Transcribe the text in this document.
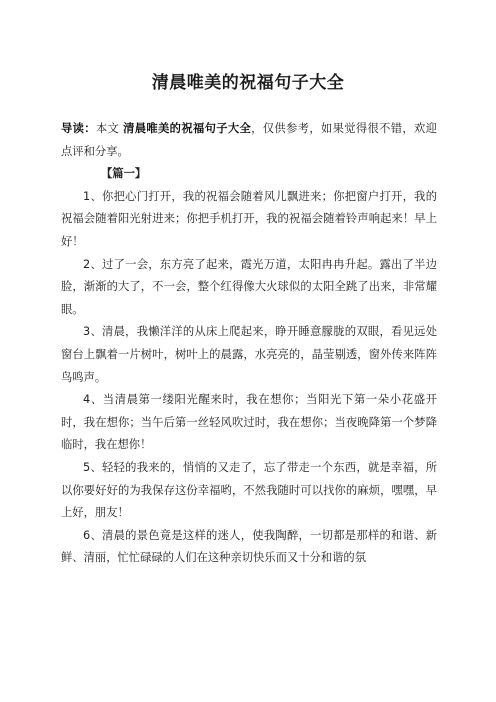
清晨唯美的祝福句子大全

导读：本文 清晨唯美的祝福句子大全，仅供参考，如果觉得很不错，欢迎点评和分享。

【篇一】

1、你把心门打开，我的祝福会随着风儿飘进来；你把窗户打开，我的祝福会随着阳光射进来；你把手机打开，我的祝福会随着铃声响起来！早上好！

2、过了一会，东方亮了起来，霞光万道，太阳冉冉升起。露出了半边脸，渐渐的大了，不一会，整个红得像大火球似的太阳全跳了出来，非常耀眼。

3、清晨，我懒洋洋的从床上爬起来，睁开睡意朦胧的双眼，看见远处窗台上飘着一片树叶，树叶上的晨露，水亮亮的，晶莹剔透，窗外传来阵阵鸟鸣声。

4、当清晨第一缕阳光醒来时，我在想你；当阳光下第一朵小花盛开时，我在想你；当午后第一丝轻风吹过时，我在想你；当夜晚降第一个梦降临时，我在想你！

5、轻轻的我来的，悄悄的又走了，忘了带走一个东西，就是幸福，所以你要好好的为我保存这份幸福哟，不然我随时可以找你的麻烦，嘿嘿，早上好，朋友！

6、清晨的景色竟是这样的迷人，使我陶醉，一切都是那样的和谐、新鲜、清丽，忙忙碌碌的人们在这种亲切快乐而又十分和谐的氛
